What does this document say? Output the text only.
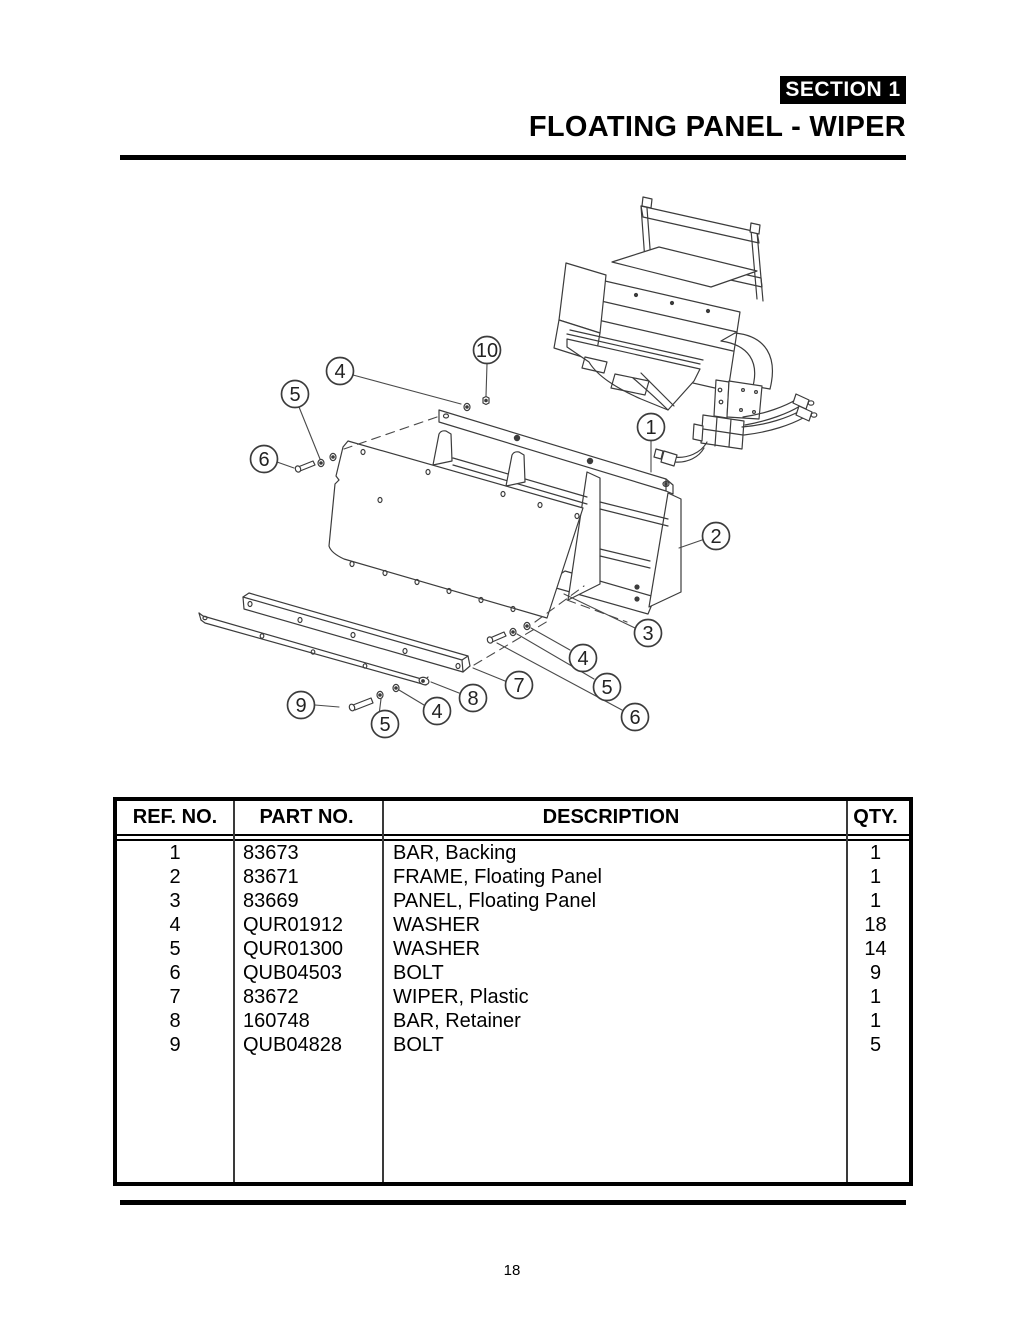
SECTION 1
FLOATING PANEL - WIPER
10
4
5
6
1
2
3
4
5
6
7
8
4
5
9
REF. NO.	PART NO.	DESCRIPTION	QTY.
1	83673	BAR, Backing	1
2	83671	FRAME, Floating Panel	1
3	83669	PANEL, Floating Panel	1
4	QUR01912	WASHER	18
5	QUR01300	WASHER	14
6	QUB04503	BOLT	9
7	83672	WIPER, Plastic	1
8	160748	BAR, Retainer	1
9	QUB04828	BOLT	5
18
